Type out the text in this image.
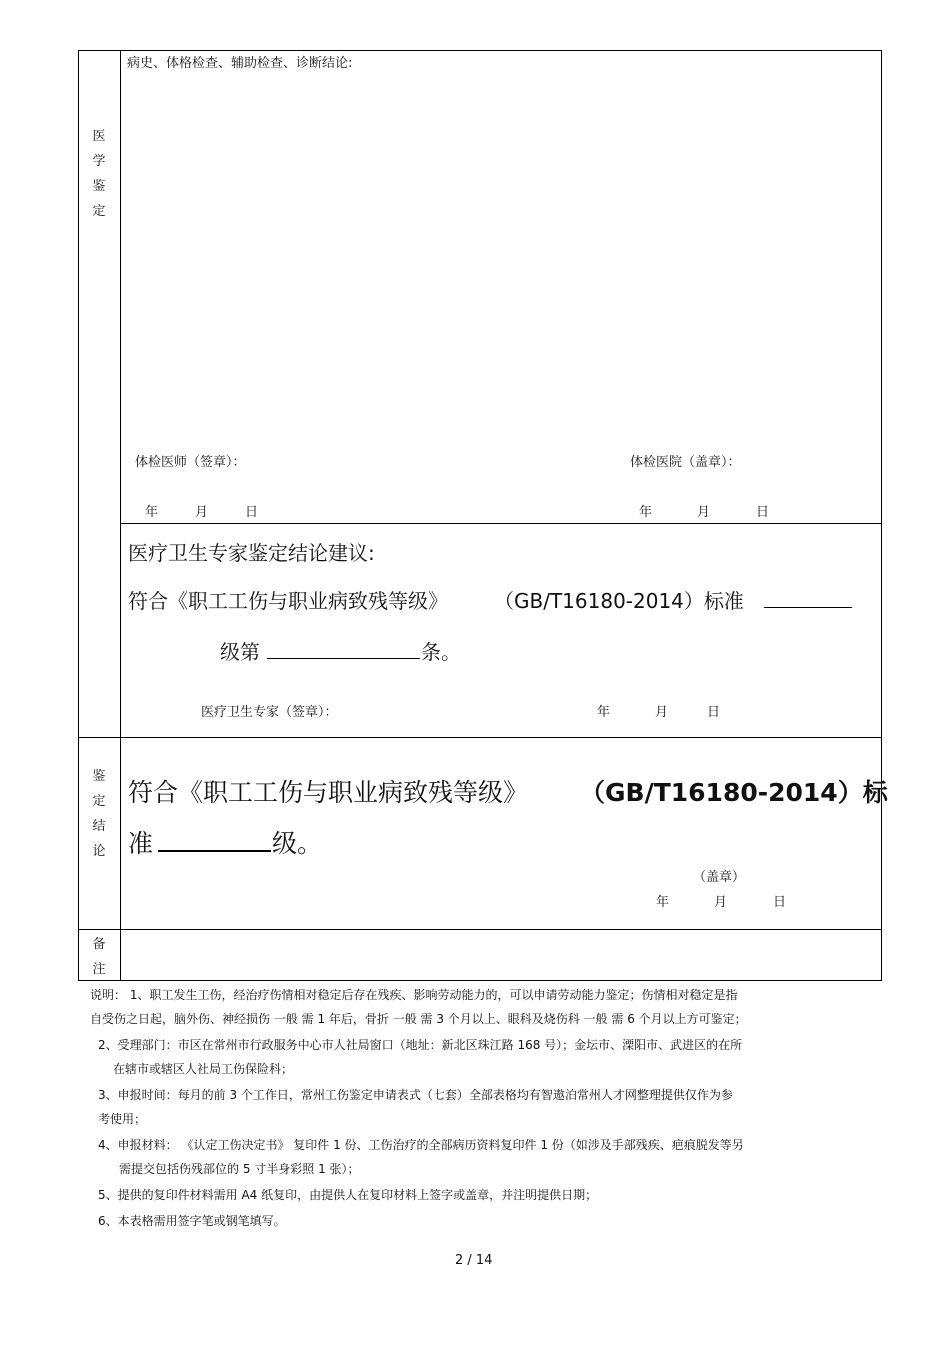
医
学
鉴
定
病史、体格检查、辅助检查、诊断结论:
体检医师（签章）：	体检医院（盖章）：
年	月	日	年	月	日
医疗卫生专家鉴定结论建议:
符合《职工工伤与职业病致残等级》 （GB/T16180-2014）标准
级第	条。
医疗卫生专家（签章）：	年	月	日
鉴
定
结
论
符合《职工工伤与职业病致残等级》 （GB/T16180-2014）标
准	级。
（盖章）
年	月	日
备
注
说明： 1、职工发生工伤，经治疗伤情相对稳定后存在残疾、影响劳动能力的，可以申请劳动能力鉴定；伤情相对稳定是指
自受伤之日起，脑外伤、神经损伤 一般 需 1 年后，骨折 一般 需 3 个月以上、眼科及烧伤科 一般 需 6 个月以上方可鉴定；
2、受理部门：市区在常州市行政服务中心市人社局窗口（地址：新北区珠江路 168 号）；金坛市、溧阳市、武进区的在所
在辖市或辖区人社局工伤保险科；
3、申报时间：每月的前 3 个工作日，常州工伤鉴定申请表式（七套）全部表格均有智遨泊常州人才网整理提供仅作为参
考使用；
4、申报材料： 《认定工伤决定书》 复印件 1 份、工伤治疗的全部病历资料复印件 1 份（如涉及手部残疾、疤痕脱发等另
需提交包括伤残部位的 5 寸半身彩照 1 张）；
5、提供的复印件材料需用 A4 纸复印，由提供人在复印材料上签字或盖章，并注明提供日期；
6、本表格需用签字笔或钢笔填写。
2 / 14
